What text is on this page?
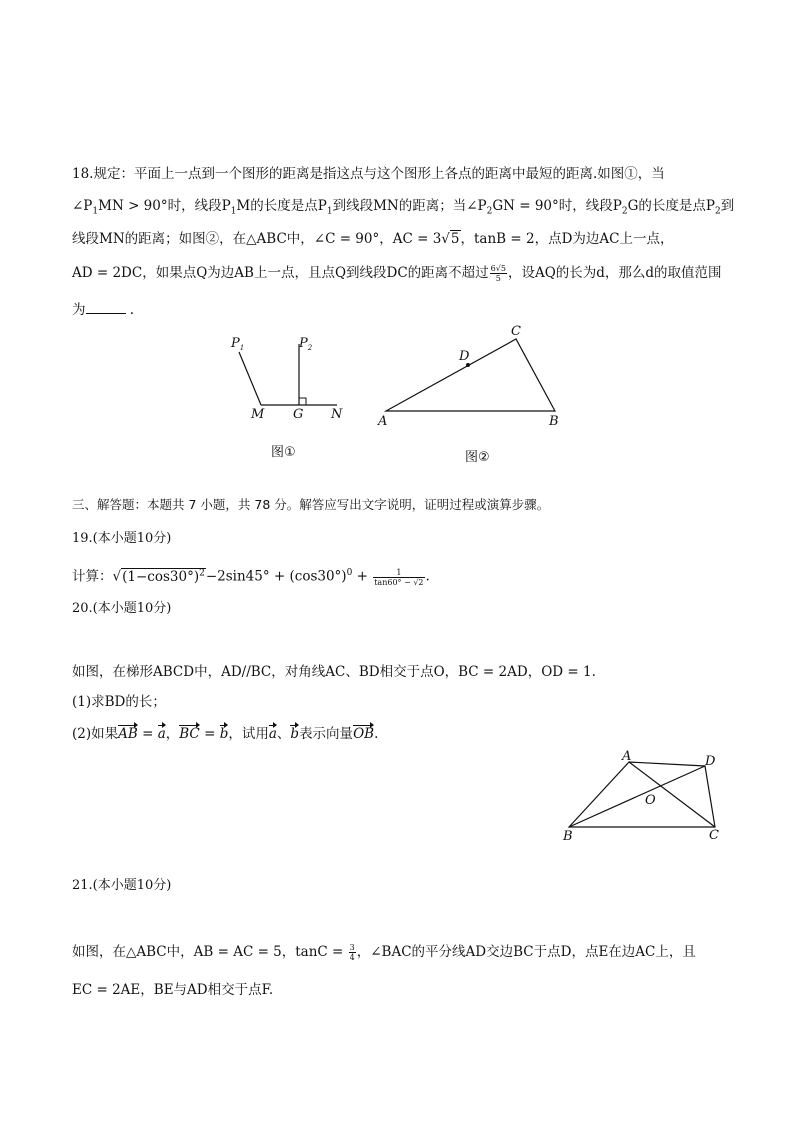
18.规定：平面上一点到一个图形的距离是指这点与这个图形上各点的距离中最短的距离.如图①，当
$\angle P_1MN > 90^\circ$时，线段$P_1M$的长度是点$P_1$到线段MN的距离；当$\angle P_2GN = 90^\circ$时，线段$P_2G$的长度是点$P_2$到
线段MN的距离；如图②，在△ABC中，∠C = 90°，AC = 3√5，tanB = 2，点D为边AC上一点，
AD = 2DC，如果点Q为边AB上一点，且点Q到线段DC的距离不超过 $\frac{6√5}{5}$ ，设AQ的长为d，那么d的取值范围
为	.
$P_1$	$P_2$
M G N
图①
A	B
C
D
图②
三、解答题：本题共 7 小题，共 78 分。解答应写出文字说明，证明过程或演算步骤。
19.(本小题10分)
计算：$√(1-\cos 30^\circ)^2-2\sin 45^\circ + (\cos 30^\circ)^0 + \frac{1}{\tan 60^\circ - √2}$ .
20.(本小题10分)
如图，在梯形ABCD中，AD//BC，对角线AC、BD相交于点O，BC = 2AD，OD = 1.
(1)求BD的长；
(2)如果AB = a，BC = b，试用a、b表示向量OB.
A	D
O
B	C
21.(本小题10分)
如图，在△ABC中，AB = AC = 5，$\tan C = \frac{3}{4}$ ，∠BAC的平分线AD交边BC于点D，点E在边AC上，且
EC = 2AE，BE与AD相交于点F.
